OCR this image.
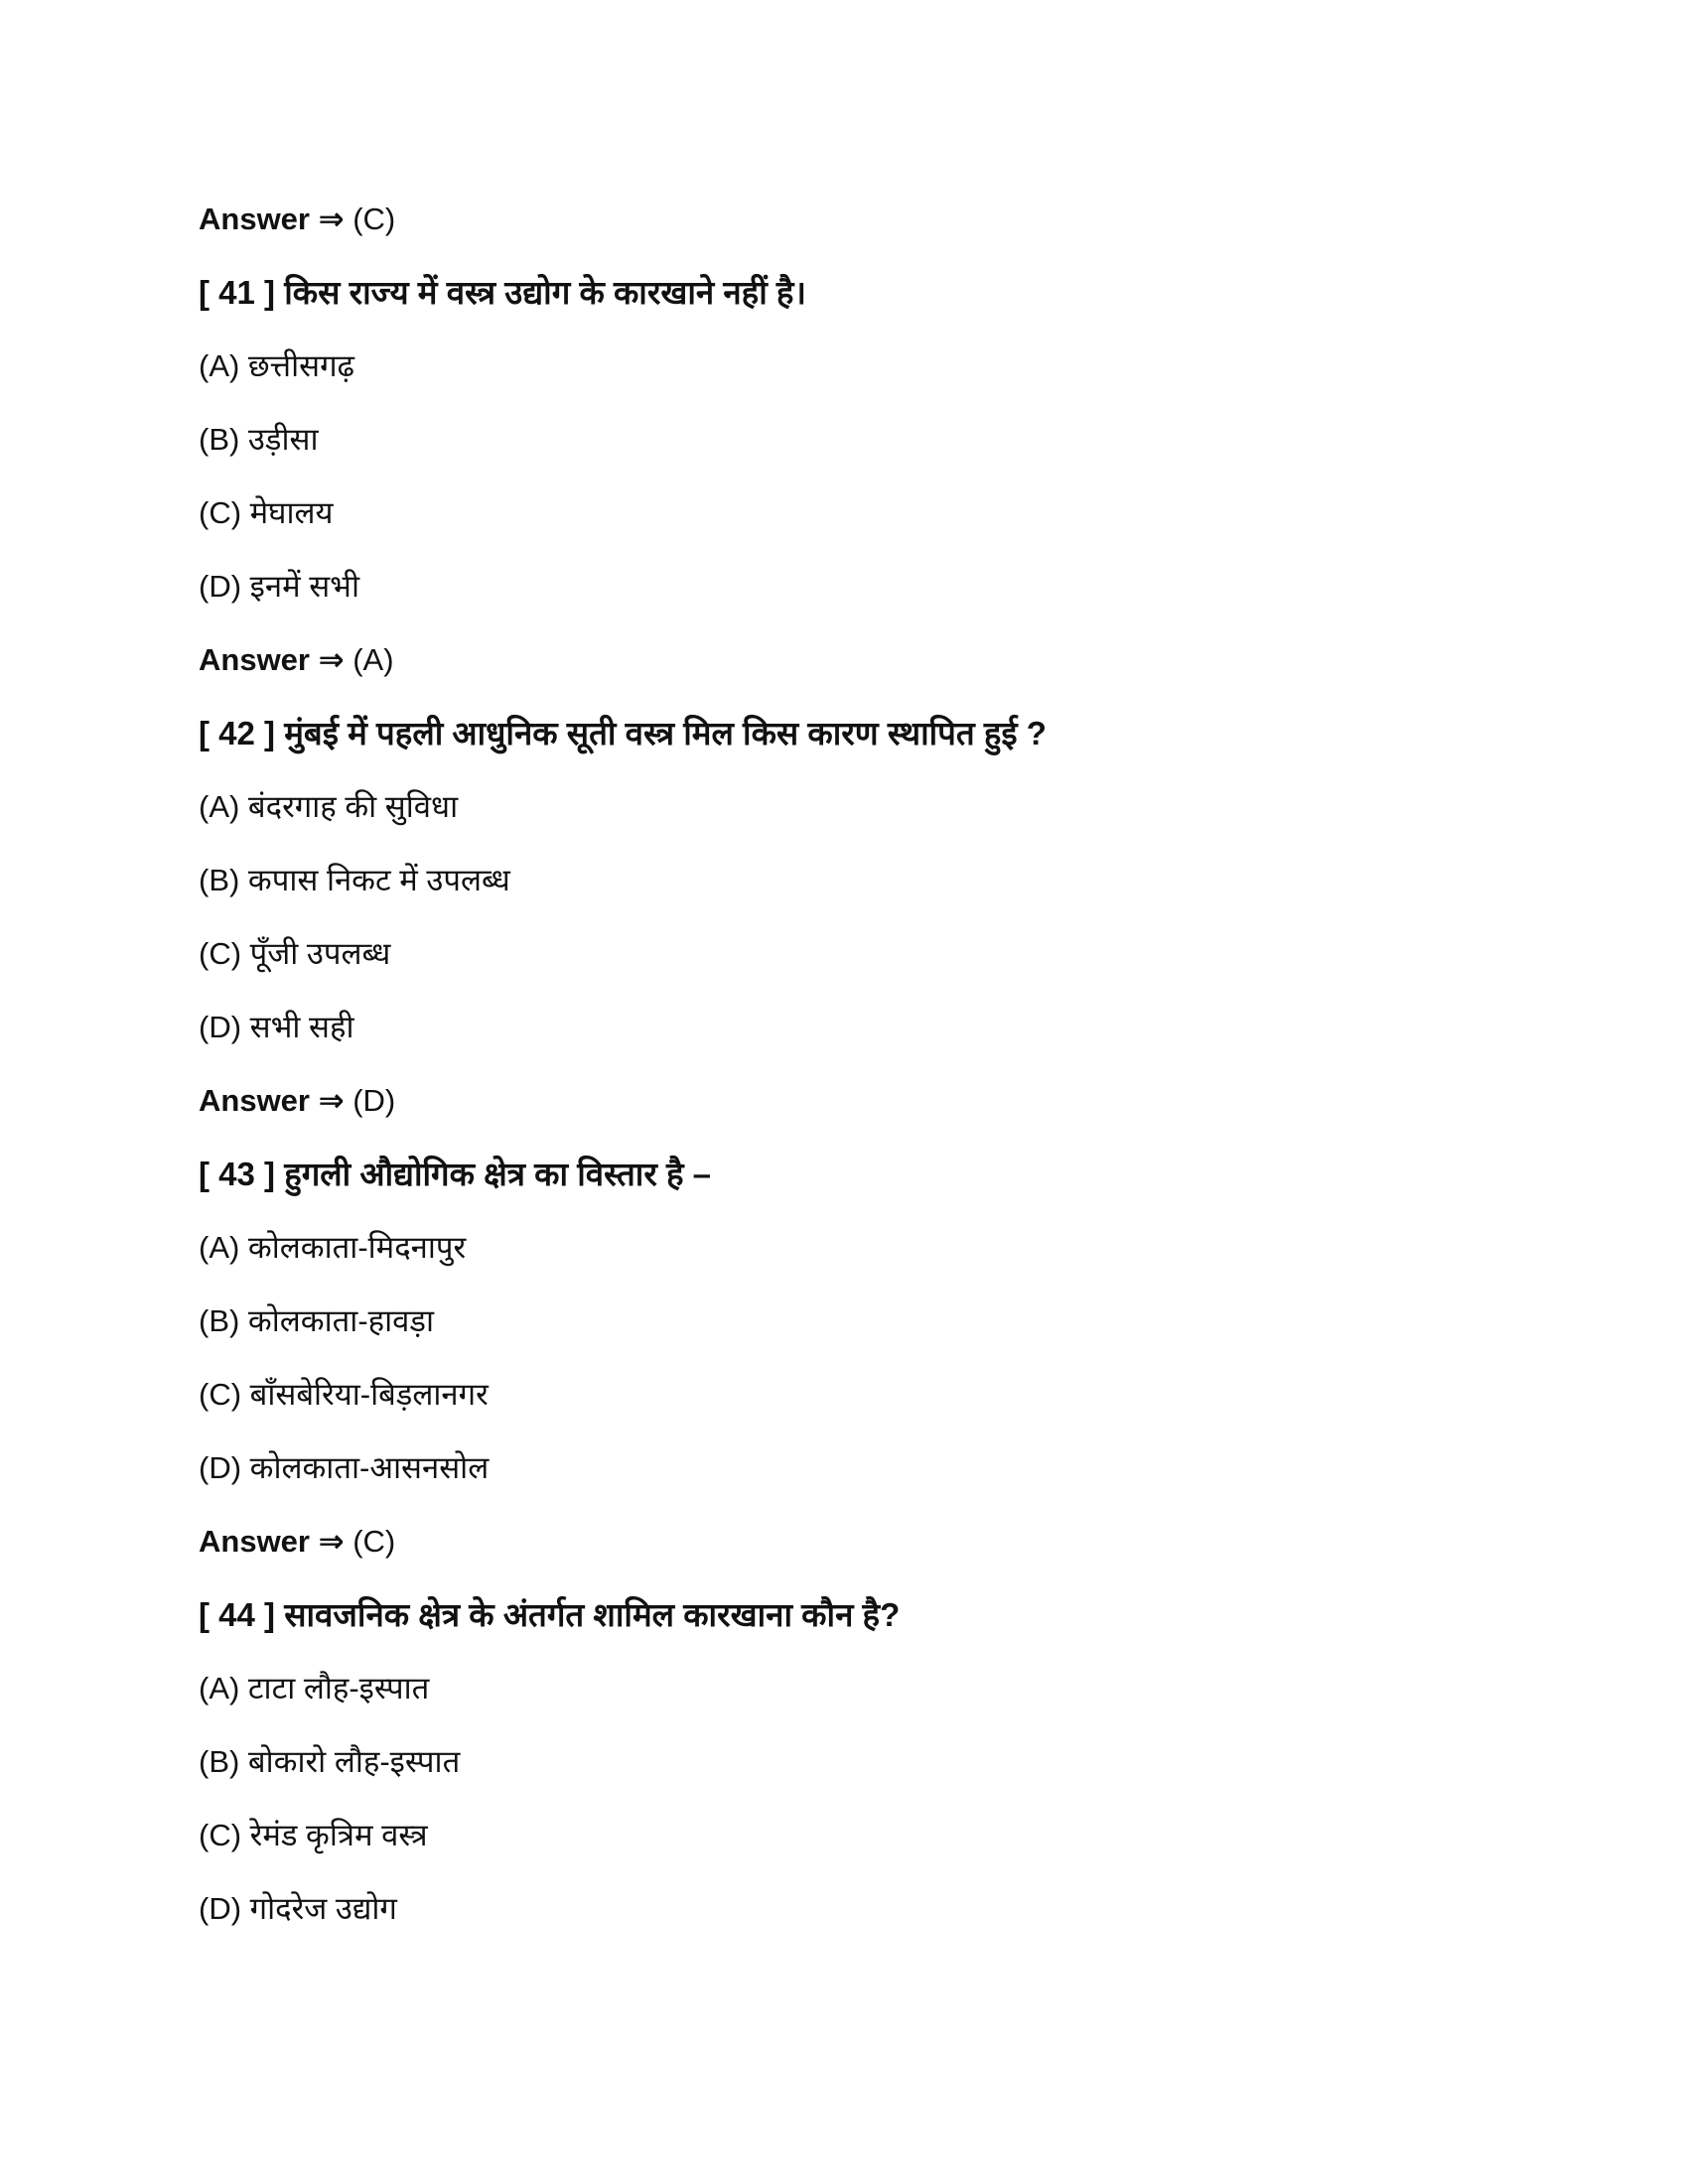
Answer ⇒ (C)
[ 41 ] किस राज्य में वस्त्र उद्योग के कारखाने नहीं है।
(A) छत्तीसगढ़
(B) उड़ीसा
(C) मेघालय
(D) इनमें सभी
Answer ⇒ (A)
[ 42 ] मुंबई में पहली आधुनिक सूती वस्त्र मिल किस कारण स्थापित हुई ?
(A) बंदरगाह की सुविधा
(B) कपास निकट में उपलब्ध
(C) पूँजी उपलब्ध
(D) सभी सही
Answer ⇒ (D)
[ 43 ] हुगली औद्योगिक क्षेत्र का विस्तार है –
(A) कोलकाता-मिदनापुर
(B) कोलकाता-हावड़ा
(C) बाँसबेरिया-बिड़लानगर
(D) कोलकाता-आसनसोल
Answer ⇒ (C)
[ 44 ] सावजनिक क्षेत्र के अंतर्गत शामिल कारखाना कौन है?
(A) टाटा लौह-इस्पात
(B) बोकारो लौह-इस्पात
(C) रेमंड कृत्रिम वस्त्र
(D) गोदरेज उद्योग
